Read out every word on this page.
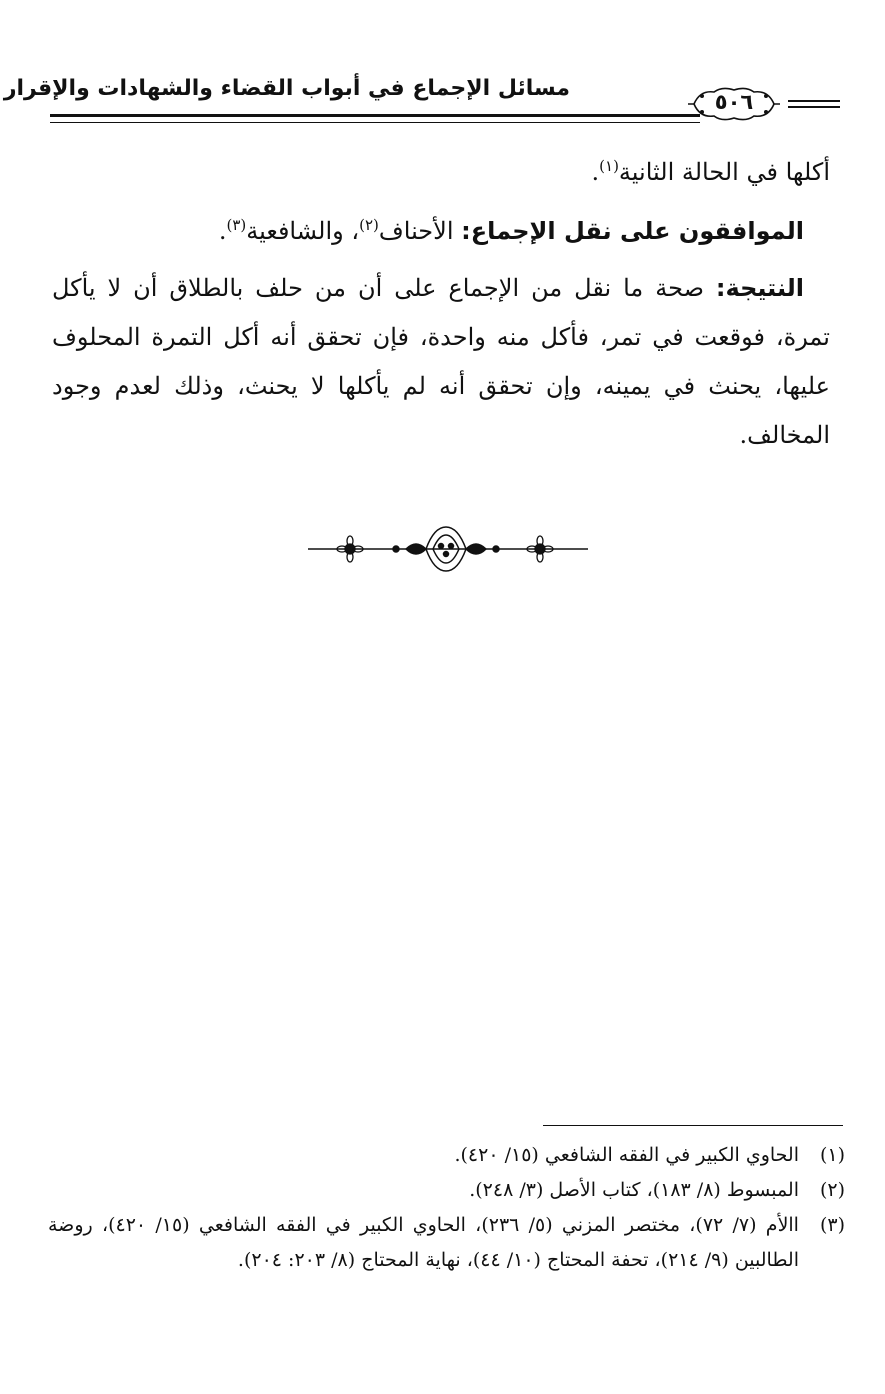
مسائل الإجماع في أبواب القضاء والشهادات والإقرار
٥٠٦

أكلها في الحالة الثانية$^{(١)}$.

الموافقون على نقل الإجماع: الأحناف$^{(٢)}$، والشافعية$^{(٣)}$.

النتيجة: صحة ما نقل من الإجماع على أن من حلف بالطلاق أن لا يأكل تمرة، فوقعت في تمر، فأكل منه واحدة، فإن تحقق أنه أكل التمرة المحلوف عليها، يحنث في يمينه، وإن تحقق أنه لم يأكلها لا يحنث، وذلك لعدم وجود المخالف.

(١)
الحاوي الكبير في الفقه الشافعي (١٥/ ٤٢٠).
(٢)
المبسوط (٨/ ١٨٣)، كتاب الأصل (٣/ ٢٤٨).
(٣)
االأم (٧/ ٧٢)، مختصر المزني (٥/ ٢٣٦)، الحاوي الكبير في الفقه الشافعي (١٥/ ٤٢٠)، روضة الطالبين (٩/ ٢١٤)، تحفة المحتاج (١٠/ ٤٤)، نهاية المحتاج (٨/ ٢٠٣: ٢٠٤).
